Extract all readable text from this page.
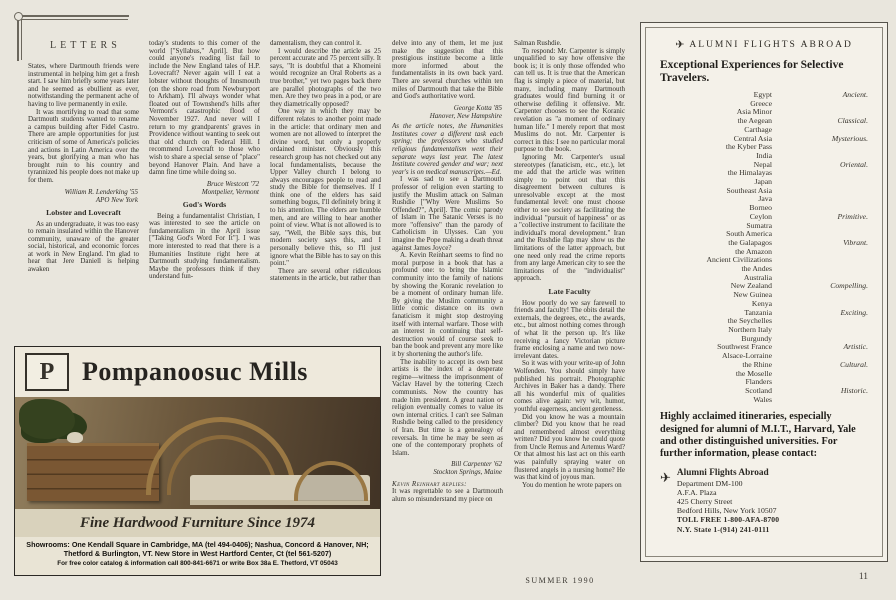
LETTERS

States, where Dartmouth friends were instrumental in helping him get a fresh start. I saw him briefly some years later and he seemed as ebullient as ever, notwithstanding the permanent ache of having to live permanently in exile.

It was mortifying to read that some Dartmouth students wanted to rename a campus building after Fidel Castro. There are ample opportunities for just criticism of some of America's policies and actions in Latin America over the years, but glorifying a man who has brought ruin to his country and tyrannized his people does not make up for them.

William R. Lenderking '55
APO New York
Lobster and Lovecraft

As an undergraduate, it was too easy to remain insulated within the Hanover community, unaware of the greater social, historical, and economic forces at work in New England. I'm glad to hear that Jere Daniell is helping awaken

today's students to this corner of the world ["Syllabus," April]. But how could anyone's reading list fail to include the New England tales of H.P. Lovecraft? Never again will I eat a lobster without thoughts of Innsmouth (on the shore road from Newburyport to Arkham). I'll always wonder what floated out of Townshend's hills after Vermont's catastrophic flood of November 1927. And never will I return to my grandparents' graves in Providence without wanting to seek out that old church on Federal Hill. I recommend Lovecraft to those who wish to share a special sense of "place" beyond Hanover Plain. And have a damn fine time while doing so.

Bruce Westcott '72
Montpelier, Vermont
God's Words

Being a fundamentalist Christian, I was interested to see the article on fundamentalism in the April issue ["Taking God's Word For It"]. I was more interested to read that there is a Humanities Institute right here at Dartmouth studying fundamentalism. Maybe the professors think if they understand fun-

damentalism, they can control it.

I would describe the article as 25 percent accurate and 75 percent silly. It says, "It is doubtful that a Khomeini would recognize an Oral Roberts as a true brother," yet two pages back there are parallel photographs of the two men. Are they two peas in a pod, or are they diametrically opposed?

One way in which they may be different relates to another point made in the article: that ordinary men and women are not allowed to interpret the divine word, but only a properly ordained minister. Obviously this research group has not checked out any local fundamentalists, because the Upper Valley church I belong to always encourages people to read and study the Bible for themselves. If I think one of the elders has said something bogus, I'll definitely bring it to his attention. The elders are humble men, and are willing to hear another point of view. What is not allowed is to say, "Well, the Bible says this, but modern society says this, and I personally believe this, so I'll just ignore what the Bible has to say on this point."

There are several other ridiculous statements in the article, but rather than

delve into any of them, let me just make the suggestion that this prestigious institute become a little more informed about the fundamentalists in its own back yard. There are several churches within ten miles of Dartmouth that take the Bible and God's authoritative word.

George Kotta '85
Hanover, New Hampshire

As the article notes, the Humanities Institutes cover a different task each spring; the professors who studied religious fundamentalism went their separate ways last year. The latest Institute covered gender and war; next year's is on medical manuscripts.—Ed.

I was sad to see a Dartmouth professor of religion even starting to justify the Muslim attack on Salman Rushdie ["Why Were Muslims So Offended?", April]. The comic parody of Islam in The Satanic Verses is no more "offensive" than the parody of Catholicism in Ulysses. Can you imagine the Pope making a death threat against James Joyce?

A. Kevin Reinhart seems to find no moral purpose in a book that has a profound one: to bring the Islamic community into the family of nations by showing the Koranic revelation to be a moment of ordinary human life. By giving the Muslim community a little comic distance on its own fanaticism it might stop destroying itself with internal warfare. Those with an interest in continuing that self-destruction would of course seek to ban the book and prevent any more like it by shortening the author's life.

The inability to accept its own best artists is the index of a desperate regime—witness the imprisonment of Vaclav Havel by the tottering Czech communists. Now the country has made him president. A great nation or religion eventually comes to value its own internal critics. I can't see Salman Rushdie being called to the presidency of Iran. But time is a genealogy of reversals. In time he may be seen as one of the contemporary prophets of Islam.

Bill Carpenter '62
Stockton Springs, Maine

Kevin Reinhart replies:

It was regrettable to see a Dartmouth alum so misunderstand my piece on

Salman Rushdie.

To respond: Mr. Carpenter is simply unqualified to say how offensive the book is; it is only those offended who can tell us. It is true that the American flag is simply a piece of material, but many, including many Dartmouth graduates would find burning it or otherwise defiling it offensive. Mr. Carpenter chooses to see the Koranic revelation as "a moment of ordinary human life." I merely report that most Muslims do not. Mr. Carpenter is correct in this: I see no particular moral purpose to the book.

Ignoring Mr. Carpenter's usual stereotypes (fanaticism, etc., etc.), let me add that the article was written simply to point out that this disagreement between cultures is unresolvable except at the most fundamental level: one must choose either to see society as facilitating the individual "pursuit of happiness" or as a "collective instrument to facilitate the individual's moral development." Iran and the Rushdie flap may show us the limitations of the latter approach, but one need only read the crime reports from any large American city to see the limitations of the "individualist" approach.

Late Faculty

How poorly do we say farewell to friends and faculty! The obits detail the externals, the degrees, etc., the awards, etc., but almost nothing comes through of what lit the person up. It's like receiving a fancy Victorian picture frame enclosing a name and two now-irrelevant dates.

So it was with your write-up of John Wolfenden. You should simply have published his portrait. Photographic Archives in Baker has a dandy. There all his wonderful mix of qualities comes alive again: wry wit, humor, youthful eagerness, ancient gentleness.

Did you know he was a mountain climber? Did you know that he read and remembered almost everything written? Did you know he could quote from Uncle Remus and Artemus Ward? Or that almost his last act on this earth was painfully spraying water on flustered angels in a nursing home? He was that kind of joyous man.

You do mention he wrote papers on

P Pompanoosuc Mills
Fine Hardwood Furniture Since 1974
Showrooms: One Kendall Square in Cambridge, MA (tel 494-0406); Nashua, Concord & Hanover, NH;
Thetford & Burlington, VT. New Store in West Hartford Center, Ct (tel 561-5207)
For free color catalog & information call 800-841-6671 or write Box 38a E. Thetford, VT 05043
✈ ALUMNI FLIGHTS ABROAD
Exceptional Experiences for Selective Travelers.
Egypt	Ancient.
Greece
Asia Minor
the Aegean	Classical.
Carthage
Central Asia	Mysterious.
the Kyber Pass
India
Nepal	Oriental.
the Himalayas
Japan
Southeast Asia
Java
Borneo
Ceylon	Primitive.
Sumatra
South America
the Galapagos	Vibrant.
the Amazon
Ancient Civilizations
the Andes
Australia
New Zealand	Compelling.
New Guinea
Kenya
Tanzania	Exciting.
the Seychelles
Northern Italy
Burgundy
Southwest France	Artistic.
Alsace-Lorraine
the Rhine	Cultural.
the Moselle
Flanders
Scotland	Historic.
Wales
Highly acclaimed itineraries, especially designed for alumni of M.I.T., Harvard, Yale and other distinguished universities. For further information, please contact:
✈ Alumni Flights Abroad
Department DM-100
A.F.A. Plaza
425 Cherry Street
Bedford Hills, New York 10507
TOLL FREE 1-800-AFA-8700
N.Y. State 1-(914) 241-0111
SUMMER 1990	11
